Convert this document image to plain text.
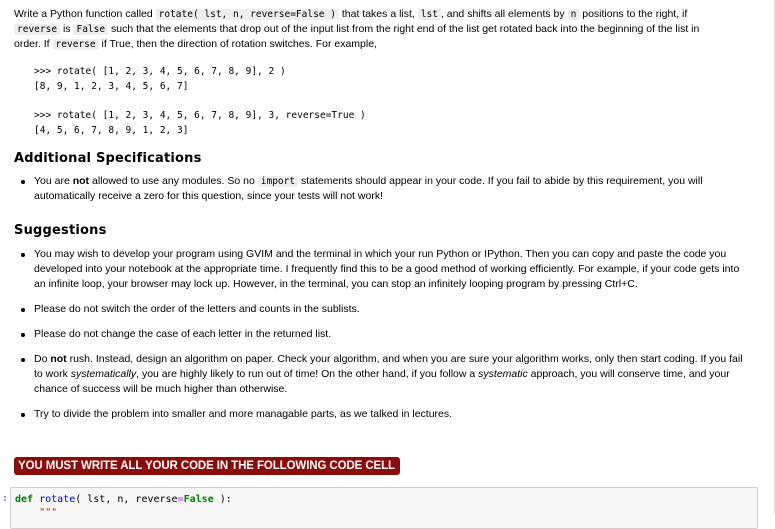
Write a Python function called rotate( lst, n, reverse=False ) that takes a list, lst , and shifts all elements by n positions to the right, if
reverse is False such that the elements that drop out of the input list from the right end of the list get rotated back into the beginning of the list in
order. If reverse if True, then the direction of rotation switches. For example,

>>> rotate( [1, 2, 3, 4, 5, 6, 7, 8, 9], 2 )
[8, 9, 1, 2, 3, 4, 5, 6, 7]
>>> rotate( [1, 2, 3, 4, 5, 6, 7, 8, 9], 3, reverse=True )
[4, 5, 6, 7, 8, 9, 1, 2, 3]
Additional Specifications
You are not allowed to use any modules. So no import statements should appear in your code. If you fail to abide by this requirement, you will automatically receive a zero for this question, since your tests will not work!
Suggestions
You may wish to develop your program using GVIM and the terminal in which your run Python or IPython. Then you can copy and paste the code you developed into your notebook at the appropriate time. I frequently find this to be a good method of working efficiently. For example, if your code gets into an infinite loop, your browser may lock up. However, in the terminal, you can stop an infinitely looping program by pressing Ctrl+C.
Please do not switch the order of the letters and counts in the sublists.
Please do not change the case of each letter in the returned list.
Do not rush. Instead, design an algorithm on paper. Check your algorithm, and when you are sure your algorithm works, only then start coding. If you fail to work systematically, you are highly likely to run out of time! On the other hand, if you follow a systematic approach, you will conserve time, and your chance of success will be much higher than otherwise.
Try to divide the problem into smaller and more managable parts, as we talked in lectures.
YOU MUST WRITE ALL YOUR CODE IN THE FOLLOWING CODE CELL
: def rotate( lst, n, reverse=False ):
"""
